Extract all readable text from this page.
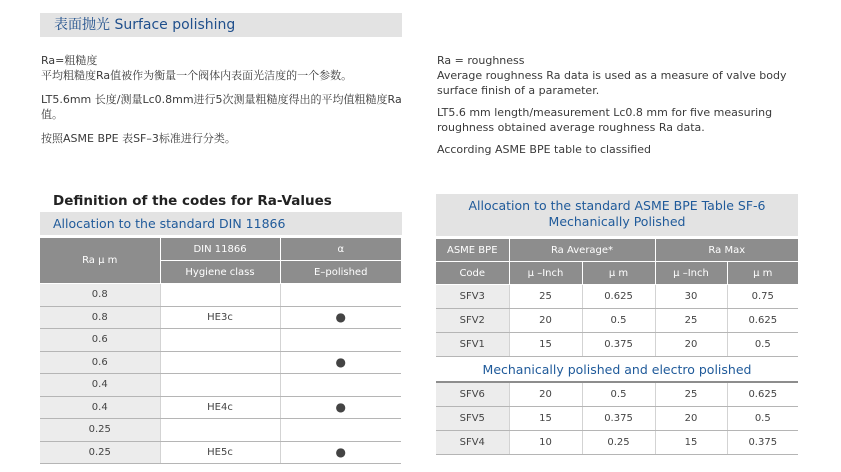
表面抛光 Surface polishing

Ra=粗糙度

平均粗糙度Ra值被作为衡量一个阀体内表面光洁度的一个参数。

LT5.6mm 长度/测量Lc0.8mm进行5次测量粗糙度得出的平均值粗糙度Ra值。

按照ASME BPE 表SF–3标准进行分类。

Ra = roughness

Average roughness Ra data is used as a measure of valve body surface finish of a parameter.

LT5.6 mm length/measurement Lc0.8 mm for five measuring roughness obtained average roughness Ra data.

According ASME BPE table to classified

Definition of the codes for Ra-Values
Allocation to the standard DIN 11866
Ra μ m	DIN 11866	α
	Hygiene class	E–polished
0.8		
0.8	HE3c	●
0.6		
0.6		●
0.4		
0.4	HE4c	●
0.25		
0.25	HE5c	●
Allocation to the standard ASME BPE Table SF-6
Mechanically Polished
ASME BPE	Ra Average*		Ra Max	
Code	μ –Inch	μ m	μ –Inch	μ m
SFV3	25	0.625	30	0.75
SFV2	20	0.5	25	0.625
SFV1	15	0.375	20	0.5
Mechanically polished and electro polished				
SFV6	20	0.5	25	0.625
SFV5	15	0.375	20	0.5
SFV4	10	0.25	15	0.375
